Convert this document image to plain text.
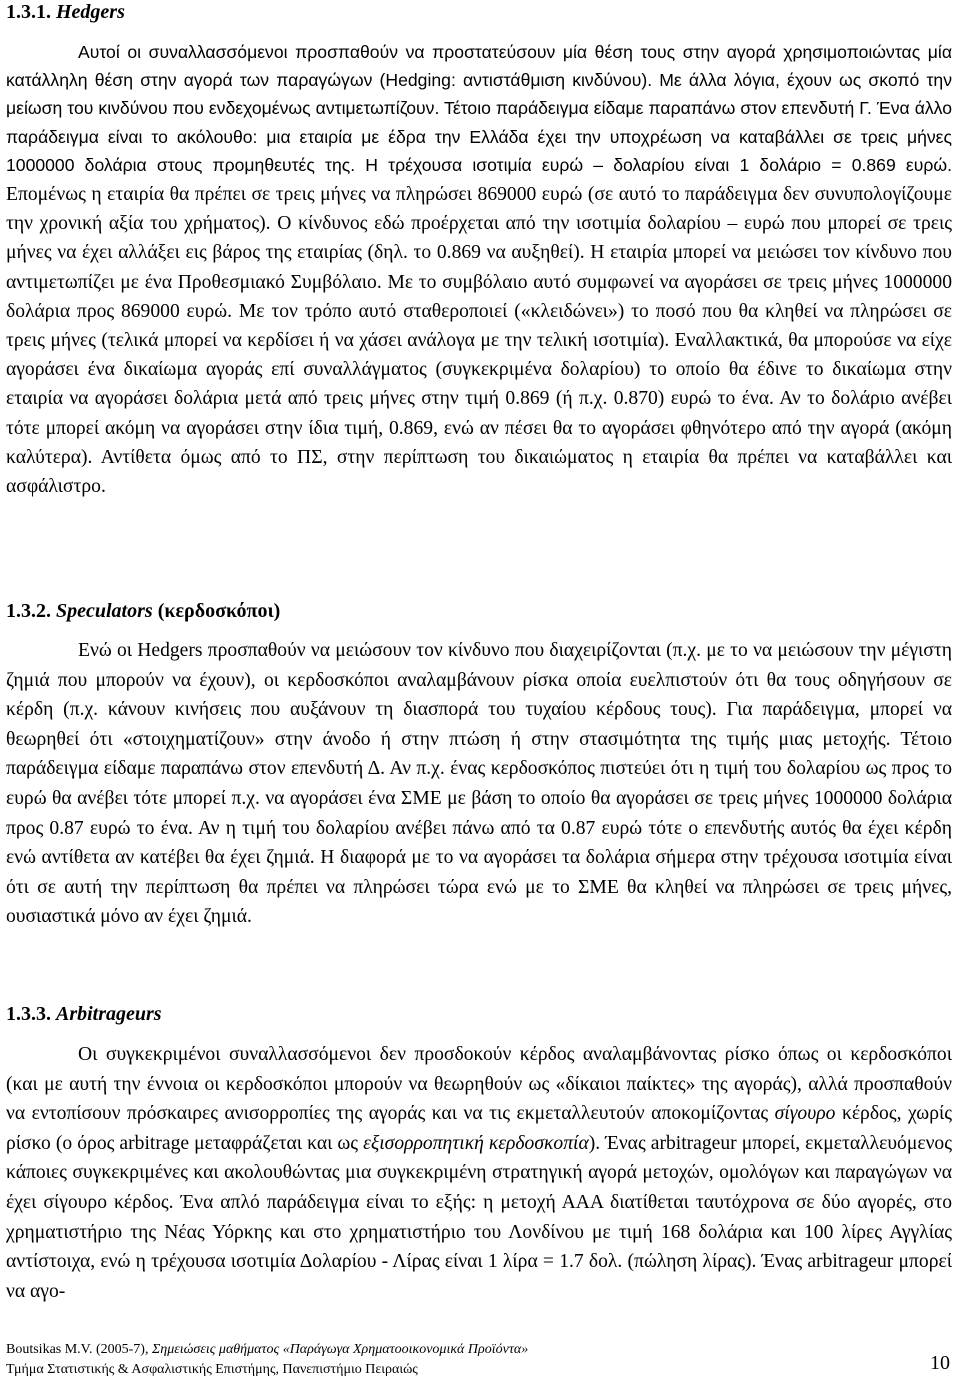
1.3.1. Hedgers
Αυτοί οι συναλλασσόμενοι προσπαθούν να προστατεύσουν μία θέση τους στην αγορά χρησιμοποιώντας μία κατάλληλη θέση στην αγορά των παραγώγων (Hedging: αντιστάθμιση κινδύνου). Με άλλα λόγια, έχουν ως σκοπό την μείωση του κινδύνου που ενδεχομένως αντιμετωπίζουν. Τέτοιο παράδειγμα είδαμε παραπάνω στον επενδυτή Γ. Ένα άλλο παράδειγμα είναι το ακόλουθο: μια εταιρία με έδρα την Ελλάδα έχει την υποχρέωση να καταβάλλει σε τρεις μήνες 1000000 δολάρια στους προμηθευτές της. Η τρέχουσα ισοτιμία ευρώ – δολαρίου είναι 1 δολάριο = 0.869 ευρώ. Επομένως η εταιρία θα πρέπει σε τρεις μήνες να πληρώσει 869000 ευρώ (σε αυτό το παράδειγμα δεν συνυπολογίζουμε την χρονική αξία του χρήματος). Ο κίνδυνος εδώ προέρχεται από την ισοτιμία δολαρίου – ευρώ που μπορεί σε τρεις μήνες να έχει αλλάξει εις βάρος της εταιρίας (δηλ. το 0.869 να αυξηθεί). Η εταιρία μπορεί να μειώσει τον κίνδυνο που αντιμετωπίζει με ένα Προθεσμιακό Συμβόλαιο. Με το συμβόλαιο αυτό συμφωνεί να αγοράσει σε τρεις μήνες 1000000 δολάρια προς 869000 ευρώ. Με τον τρόπο αυτό σταθεροποιεί («κλειδώνει») το ποσό που θα κληθεί να πληρώσει σε τρεις μήνες (τελικά μπορεί να κερδίσει ή να χάσει ανάλογα με την τελική ισοτιμία). Εναλλακτικά, θα μπορούσε να είχε αγοράσει ένα δικαίωμα αγοράς επί συναλλάγματος (συγκεκριμένα δολαρίου) το οποίο θα έδινε το δικαίωμα στην εταιρία να αγοράσει δολάρια μετά από τρεις μήνες στην τιμή 0.869 (ή π.χ. 0.870) ευρώ το ένα. Αν το δολάριο ανέβει τότε μπορεί ακόμη να αγοράσει στην ίδια τιμή, 0.869, ενώ αν πέσει θα το αγοράσει φθηνότερο από την αγορά (ακόμη καλύτερα). Αντίθετα όμως από το ΠΣ, στην περίπτωση του δικαιώματος η εταιρία θα πρέπει να καταβάλλει και ασφάλιστρο.
1.3.2. Speculators (κερδοσκόποι)
Ενώ οι Hedgers προσπαθούν να μειώσουν τον κίνδυνο που διαχειρίζονται (π.χ. με το να μειώσουν την μέγιστη ζημιά που μπορούν να έχουν), οι κερδοσκόποι αναλαμβάνουν ρίσκα οποία ευελπιστούν ότι θα τους οδηγήσουν σε κέρδη (π.χ. κάνουν κινήσεις που αυξάνουν τη διασπορά του τυχαίου κέρδους τους). Για παράδειγμα, μπορεί να θεωρηθεί ότι «στοιχηματίζουν» στην άνοδο ή στην πτώση ή στην στασιμότητα της τιμής μιας μετοχής. Τέτοιο παράδειγμα είδαμε παραπάνω στον επενδυτή Δ. Αν π.χ. ένας κερδοσκόπος πιστεύει ότι η τιμή του δολαρίου ως προς το ευρώ θα ανέβει τότε μπορεί π.χ. να αγοράσει ένα ΣΜΕ με βάση το οποίο θα αγοράσει σε τρεις μήνες 1000000 δολάρια προς 0.87 ευρώ το ένα. Αν η τιμή του δολαρίου ανέβει πάνω από τα 0.87 ευρώ τότε ο επενδυτής αυτός θα έχει κέρδη ενώ αντίθετα αν κατέβει θα έχει ζημιά. Η διαφορά με το να αγοράσει τα δολάρια σήμερα στην τρέχουσα ισοτιμία είναι ότι σε αυτή την περίπτωση θα πρέπει να πληρώσει τώρα ενώ με το ΣΜΕ θα κληθεί να πληρώσει σε τρεις μήνες, ουσιαστικά μόνο αν έχει ζημιά.
1.3.3. Arbitrageurs
Οι συγκεκριμένοι συναλλασσόμενοι δεν προσδοκούν κέρδος αναλαμβάνοντας ρίσκο όπως οι κερδοσκόποι (και με αυτή την έννοια οι κερδοσκόποι μπορούν να θεωρηθούν ως «δίκαιοι παίκτες» της αγοράς), αλλά προσπαθούν να εντοπίσουν πρόσκαιρες ανισορροπίες της αγοράς και να τις εκμεταλλευτούν αποκομίζοντας σίγουρο κέρδος, χωρίς ρίσκο (ο όρος arbitrage μεταφράζεται και ως εξισορροπητική κερδοσκοπία). Ένας arbitrageur μπορεί, εκμεταλλευόμενος κάποιες συγκεκριμένες και ακολουθώντας μια συγκεκριμένη στρατηγική αγορά μετοχών, ομολόγων και παραγώγων να έχει σίγουρο κέρδος. Ένα απλό παράδειγμα είναι το εξής: η μετοχή ΑΑΑ διατίθεται ταυτόχρονα σε δύο αγορές, στο χρηματιστήριο της Νέας Υόρκης και στο χρηματιστήριο του Λονδίνου με τιμή 168 δολάρια και 100 λίρες Αγγλίας αντίστοιχα, ενώ η τρέχουσα ισοτιμία Δολαρίου - Λίρας είναι 1 λίρα = 1.7 δολ. (πώληση λίρας). Ένας arbitrageur μπορεί να αγο-
Boutsikas M.V. (2005-7), Σημειώσεις μαθήματος «Παράγωγα Χρηματοοικονομικά Προϊόντα»
Τμήμα Στατιστικής & Ασφαλιστικής Επιστήμης, Πανεπιστήμιο Πειραιώς	10
